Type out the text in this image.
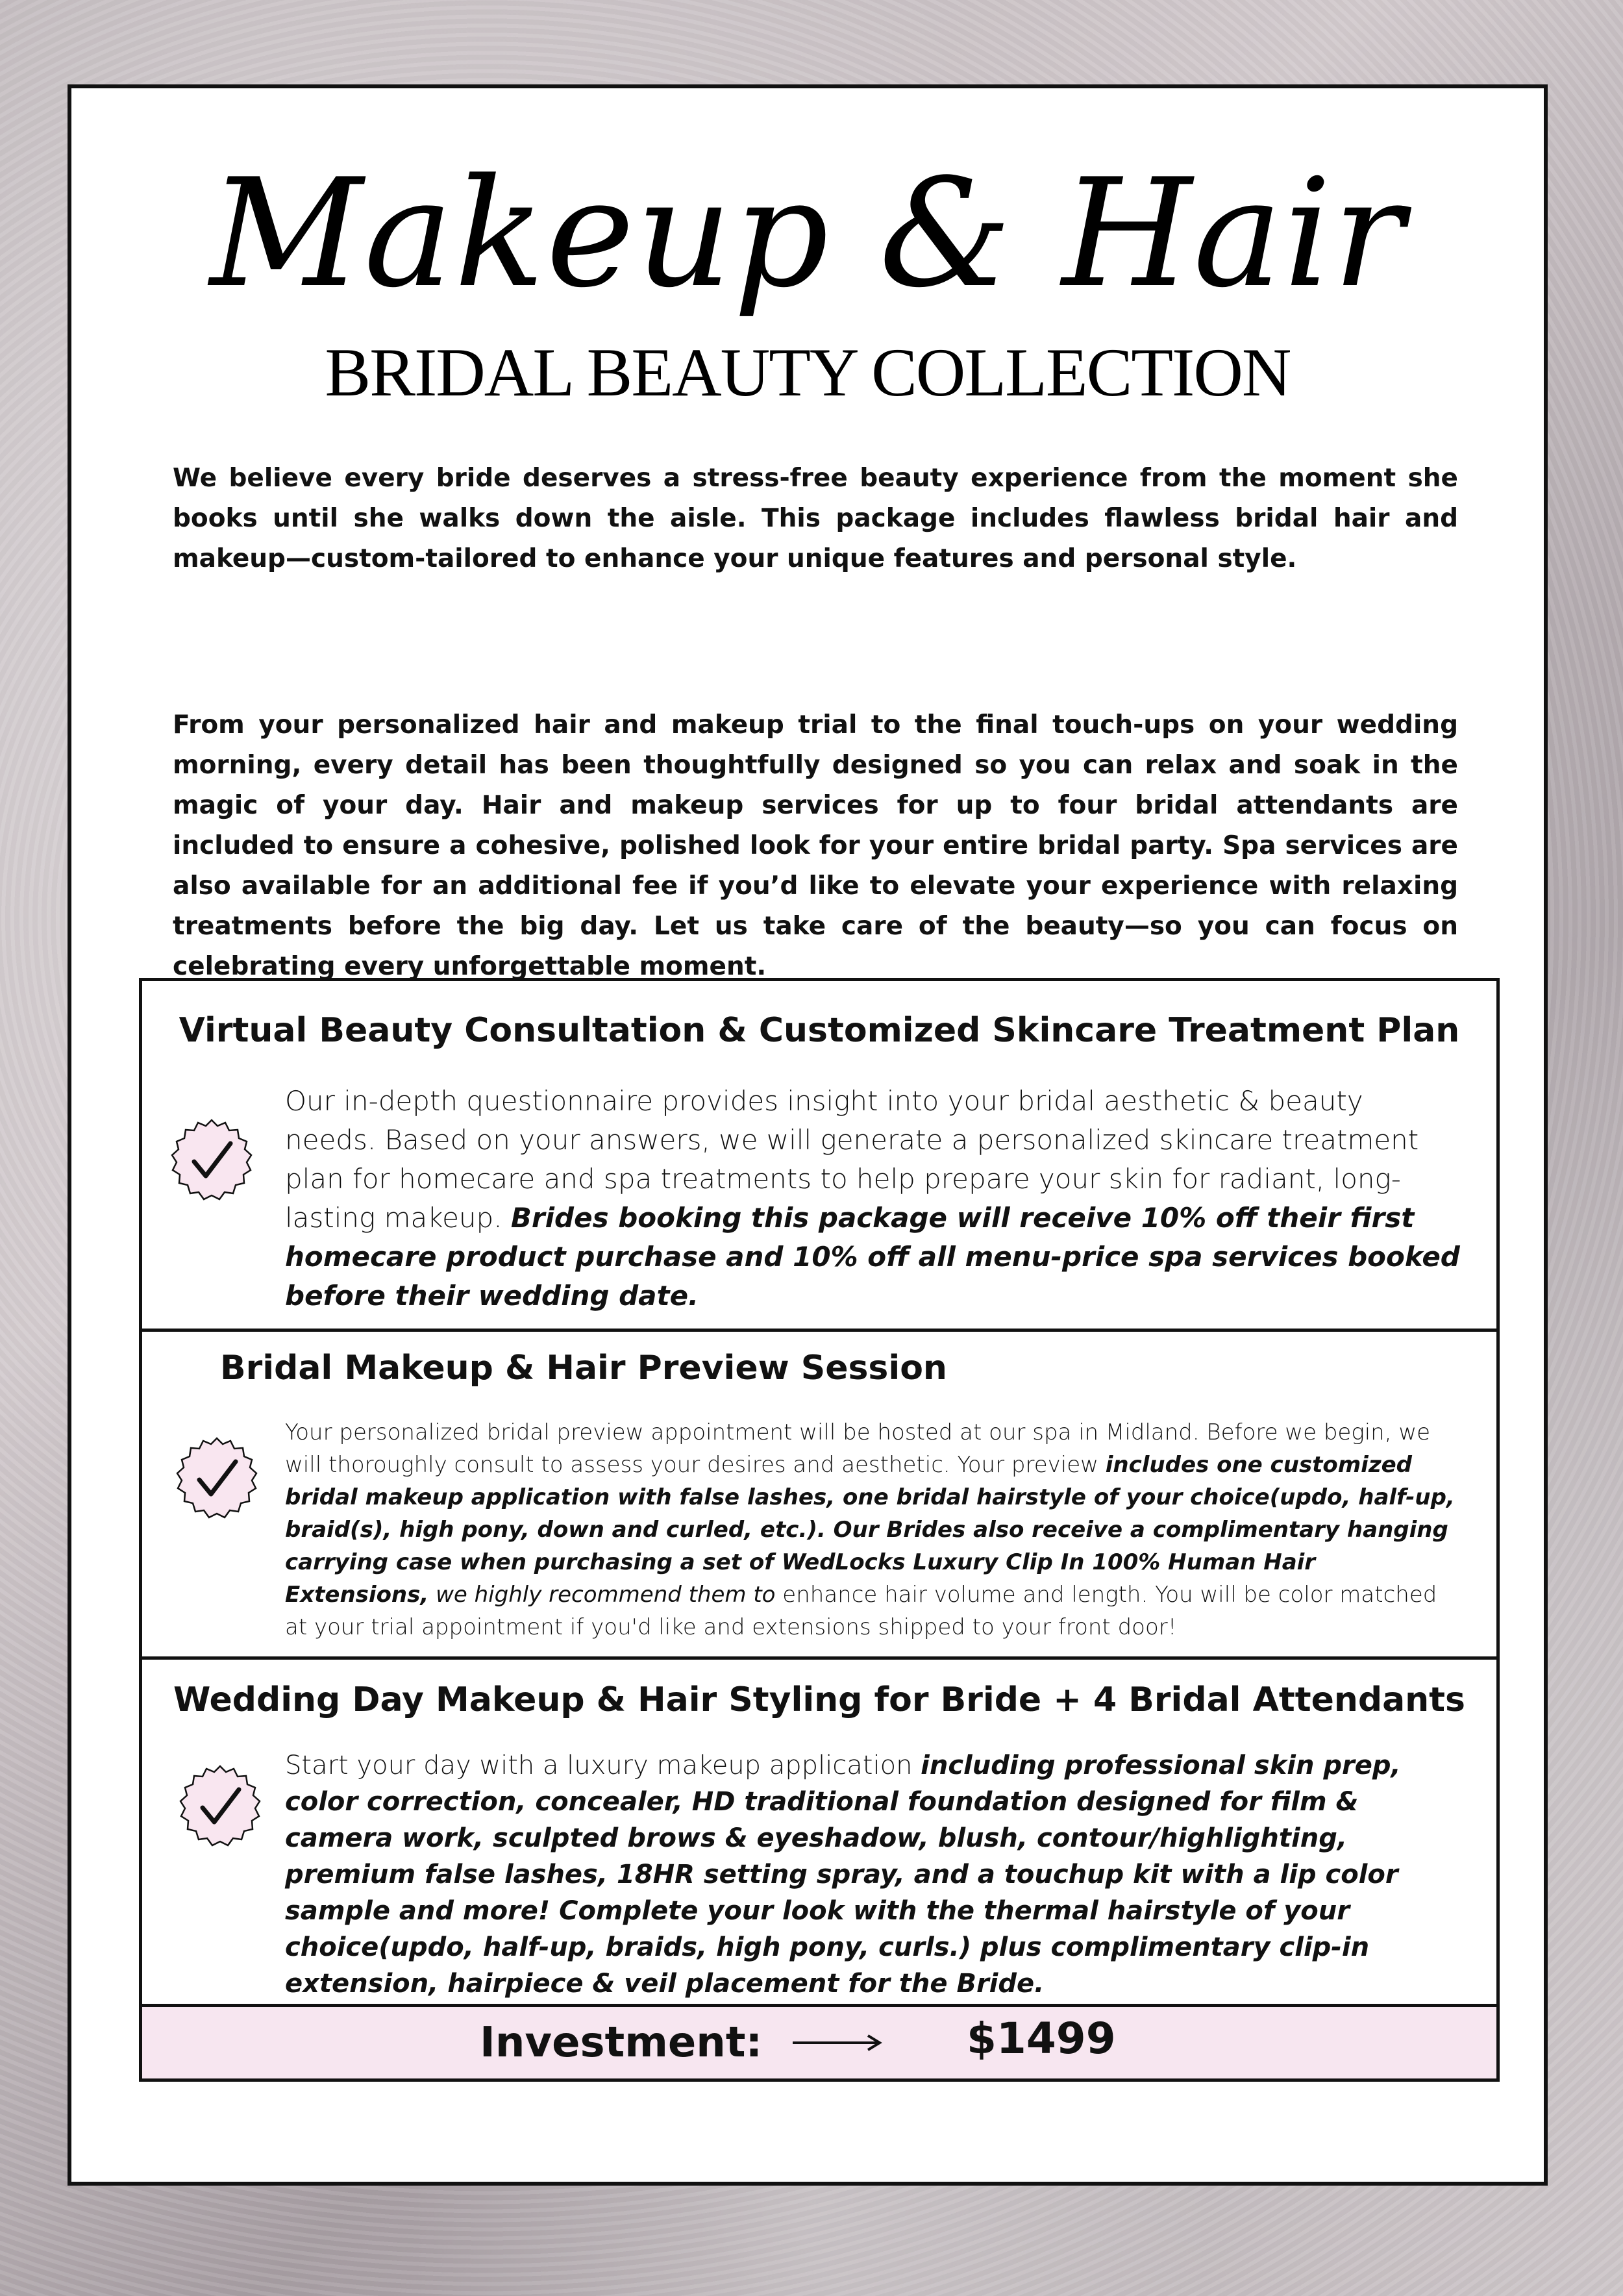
Makeup & Hair
BRIDAL BEAUTY COLLECTION

We believe every bride deserves a stress-free beauty experience from the moment she books until she walks down the aisle. This package includes flawless bridal hair and makeup—custom-tailored to enhance your unique features and personal style.

From your personalized hair and makeup trial to the final touch-ups on your wedding morning, every detail has been thoughtfully designed so you can relax and soak in the magic of your day. Hair and makeup services for up to four bridal attendants are included to ensure a cohesive, polished look for your entire bridal party. Spa services are also available for an additional fee if you’d like to elevate your experience with relaxing treatments before the big day. Let us take care of the beauty—so you can focus on celebrating every unforgettable moment.

Virtual Beauty Consultation & Customized Skincare Treatment Plan

Our in-depth questionnaire provides insight into your bridal aesthetic & beauty needs. Based on your answers, we will generate a personalized skincare treatment plan for homecare and spa treatments to help prepare your skin for radiant, long-lasting makeup. Brides booking this package will receive 10% off their first homecare product purchase and 10% off all menu-price spa services booked before their wedding date.

Bridal Makeup & Hair Preview Session

Your personalized bridal preview appointment will be hosted at our spa in Midland. Before we begin, we will thoroughly consult to assess your desires and aesthetic. Your preview includes one customized bridal makeup application with false lashes, one bridal hairstyle of your choice(updo, half-up, braid(s), high pony, down and curled, etc.). Our Brides also receive a complimentary hanging carrying case when purchasing a set of WedLocks Luxury Clip In 100% Human Hair Extensions, we highly recommend them to enhance hair volume and length. You will be color matched at your trial appointment if you'd like and extensions shipped to your front door!

Wedding Day Makeup & Hair Styling for Bride + 4 Bridal Attendants

Start your day with a luxury makeup application including professional skin prep, color correction, concealer, HD traditional foundation designed for film & camera work, sculpted brows & eyeshadow, blush, contour/highlighting, premium false lashes, 18HR setting spray, and a touchup kit with a lip color sample and more! Complete your look with the thermal hairstyle of your choice(updo, half-up, braids, high pony, curls.) plus complimentary clip-in extension, hairpiece & veil placement for the Bride.

Investment:	$1499
